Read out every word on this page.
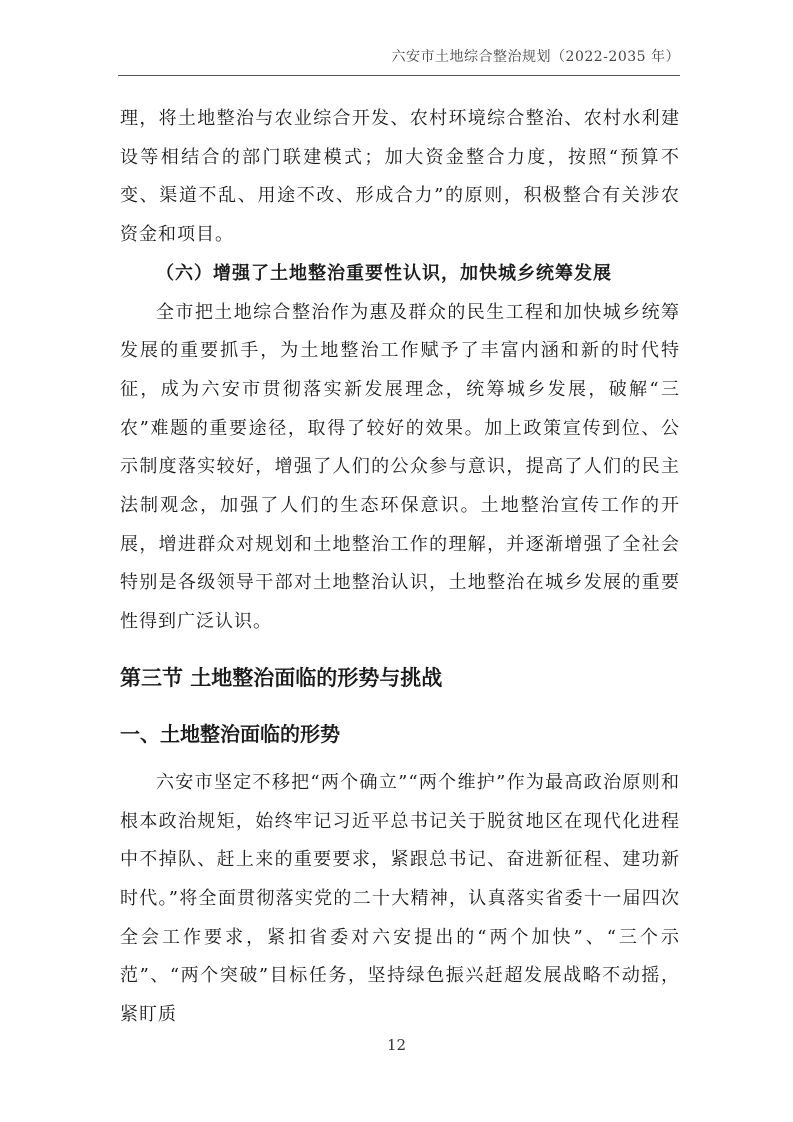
六安市土地综合整治规划（2022-2035 年）

理，将土地整治与农业综合开发、农村环境综合整治、农村水利建设等相结合的部门联建模式；加大资金整合力度，按照“预算不变、渠道不乱、用途不改、形成合力”的原则，积极整合有关涉农资金和项目。

（六）增强了土地整治重要性认识，加快城乡统筹发展

全市把土地综合整治作为惠及群众的民生工程和加快城乡统筹发展的重要抓手，为土地整治工作赋予了丰富内涵和新的时代特征，成为六安市贯彻落实新发展理念，统筹城乡发展，破解“三农”难题的重要途径，取得了较好的效果。加上政策宣传到位、公示制度落实较好，增强了人们的公众参与意识，提高了人们的民主法制观念，加强了人们的生态环保意识。土地整治宣传工作的开展，增进群众对规划和土地整治工作的理解，并逐渐增强了全社会特别是各级领导干部对土地整治认识，土地整治在城乡发展的重要性得到广泛认识。

第三节 土地整治面临的形势与挑战
一、土地整治面临的形势

六安市坚定不移把“两个确立”“两个维护”作为最高政治原则和根本政治规矩，始终牢记习近平总书记关于脱贫地区在现代化进程中不掉队、赶上来的重要要求，紧跟总书记、奋进新征程、建功新时代。”将全面贯彻落实党的二十大精神，认真落实省委十一届四次全会工作要求，紧扣省委对六安提出的“两个加快”、“三个示范”、“两个突破”目标任务，坚持绿色振兴赶超发展战略不动摇，紧盯质

12
